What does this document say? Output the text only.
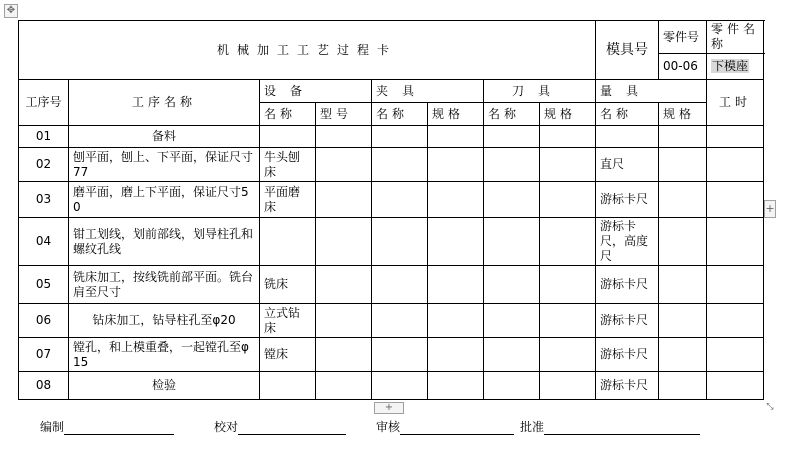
✥
+
+
⤡
机械加工工艺过程卡								模具号	零件号	零件名称
									00-06	下模座
工序号	工序名称	设备		夹具		刀具		量具		工时
		名称	型号	名称	规格	名称	规格	名称	规格	
01	备料									
02	刨平面，刨上、下平面，保证尺寸77	牛头刨床						直尺		
03	磨平面，磨上下平面，保证尺寸50	平面磨床						游标卡尺		
04	钳工划线，划前部线，划导柱孔和螺纹孔线							游标卡尺，高度尺		
05	铣床加工，按线铣前部平面。铣台肩至尺寸	铣床						游标卡尺		
06	钻床加工，钻导柱孔至φ20	立式钻床						游标卡尺		
07	镗孔，和上模重叠，一起镗孔至φ15	镗床						游标卡尺		
08	检验							游标卡尺		
编制	校对	审核	批准
